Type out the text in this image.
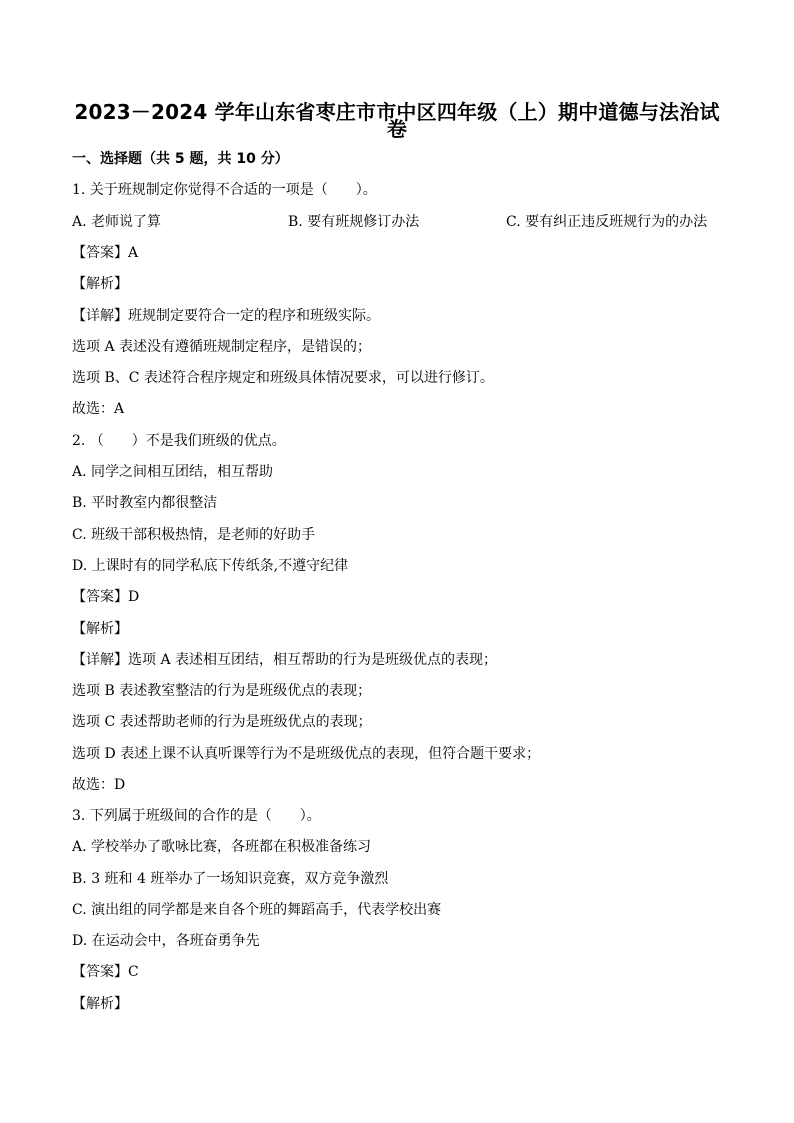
2023－2024 学年山东省枣庄市市中区四年级（上）期中道德与法治试
卷
一、选择题（共 5 题，共 10 分）
1. 关于班规制定你觉得不合适的一项是（　　）。
A. 老师说了算	B. 要有班规修订办法	C. 要有纠正违反班规行为的办法
【答案】A
【解析】
【详解】班规制定要符合一定的程序和班级实际。
选项 A 表述没有遵循班规制定程序，是错误的；
选项 B、C 表述符合程序规定和班级具体情况要求，可以进行修订。
故选：A
2. （　　）不是我们班级的优点。
A. 同学之间相互团结，相互帮助
B. 平时教室内都很整洁
C. 班级干部积极热情，是老师的好助手
D. 上课时有的同学私底下传纸条,不遵守纪律
【答案】D
【解析】
【详解】选项 A 表述相互团结，相互帮助的行为是班级优点的表现；
选项 B 表述教室整洁的行为是班级优点的表现；
选项 C 表述帮助老师的行为是班级优点的表现；
选项 D 表述上课不认真听课等行为不是班级优点的表现，但符合题干要求；
故选：D
3. 下列属于班级间的合作的是（　　）。
A. 学校举办了歌咏比赛，各班都在积极准备练习
B. 3 班和 4 班举办了一场知识竞赛，双方竞争激烈
C. 演出组的同学都是来自各个班的舞蹈高手，代表学校出赛
D. 在运动会中，各班奋勇争先
【答案】C
【解析】
